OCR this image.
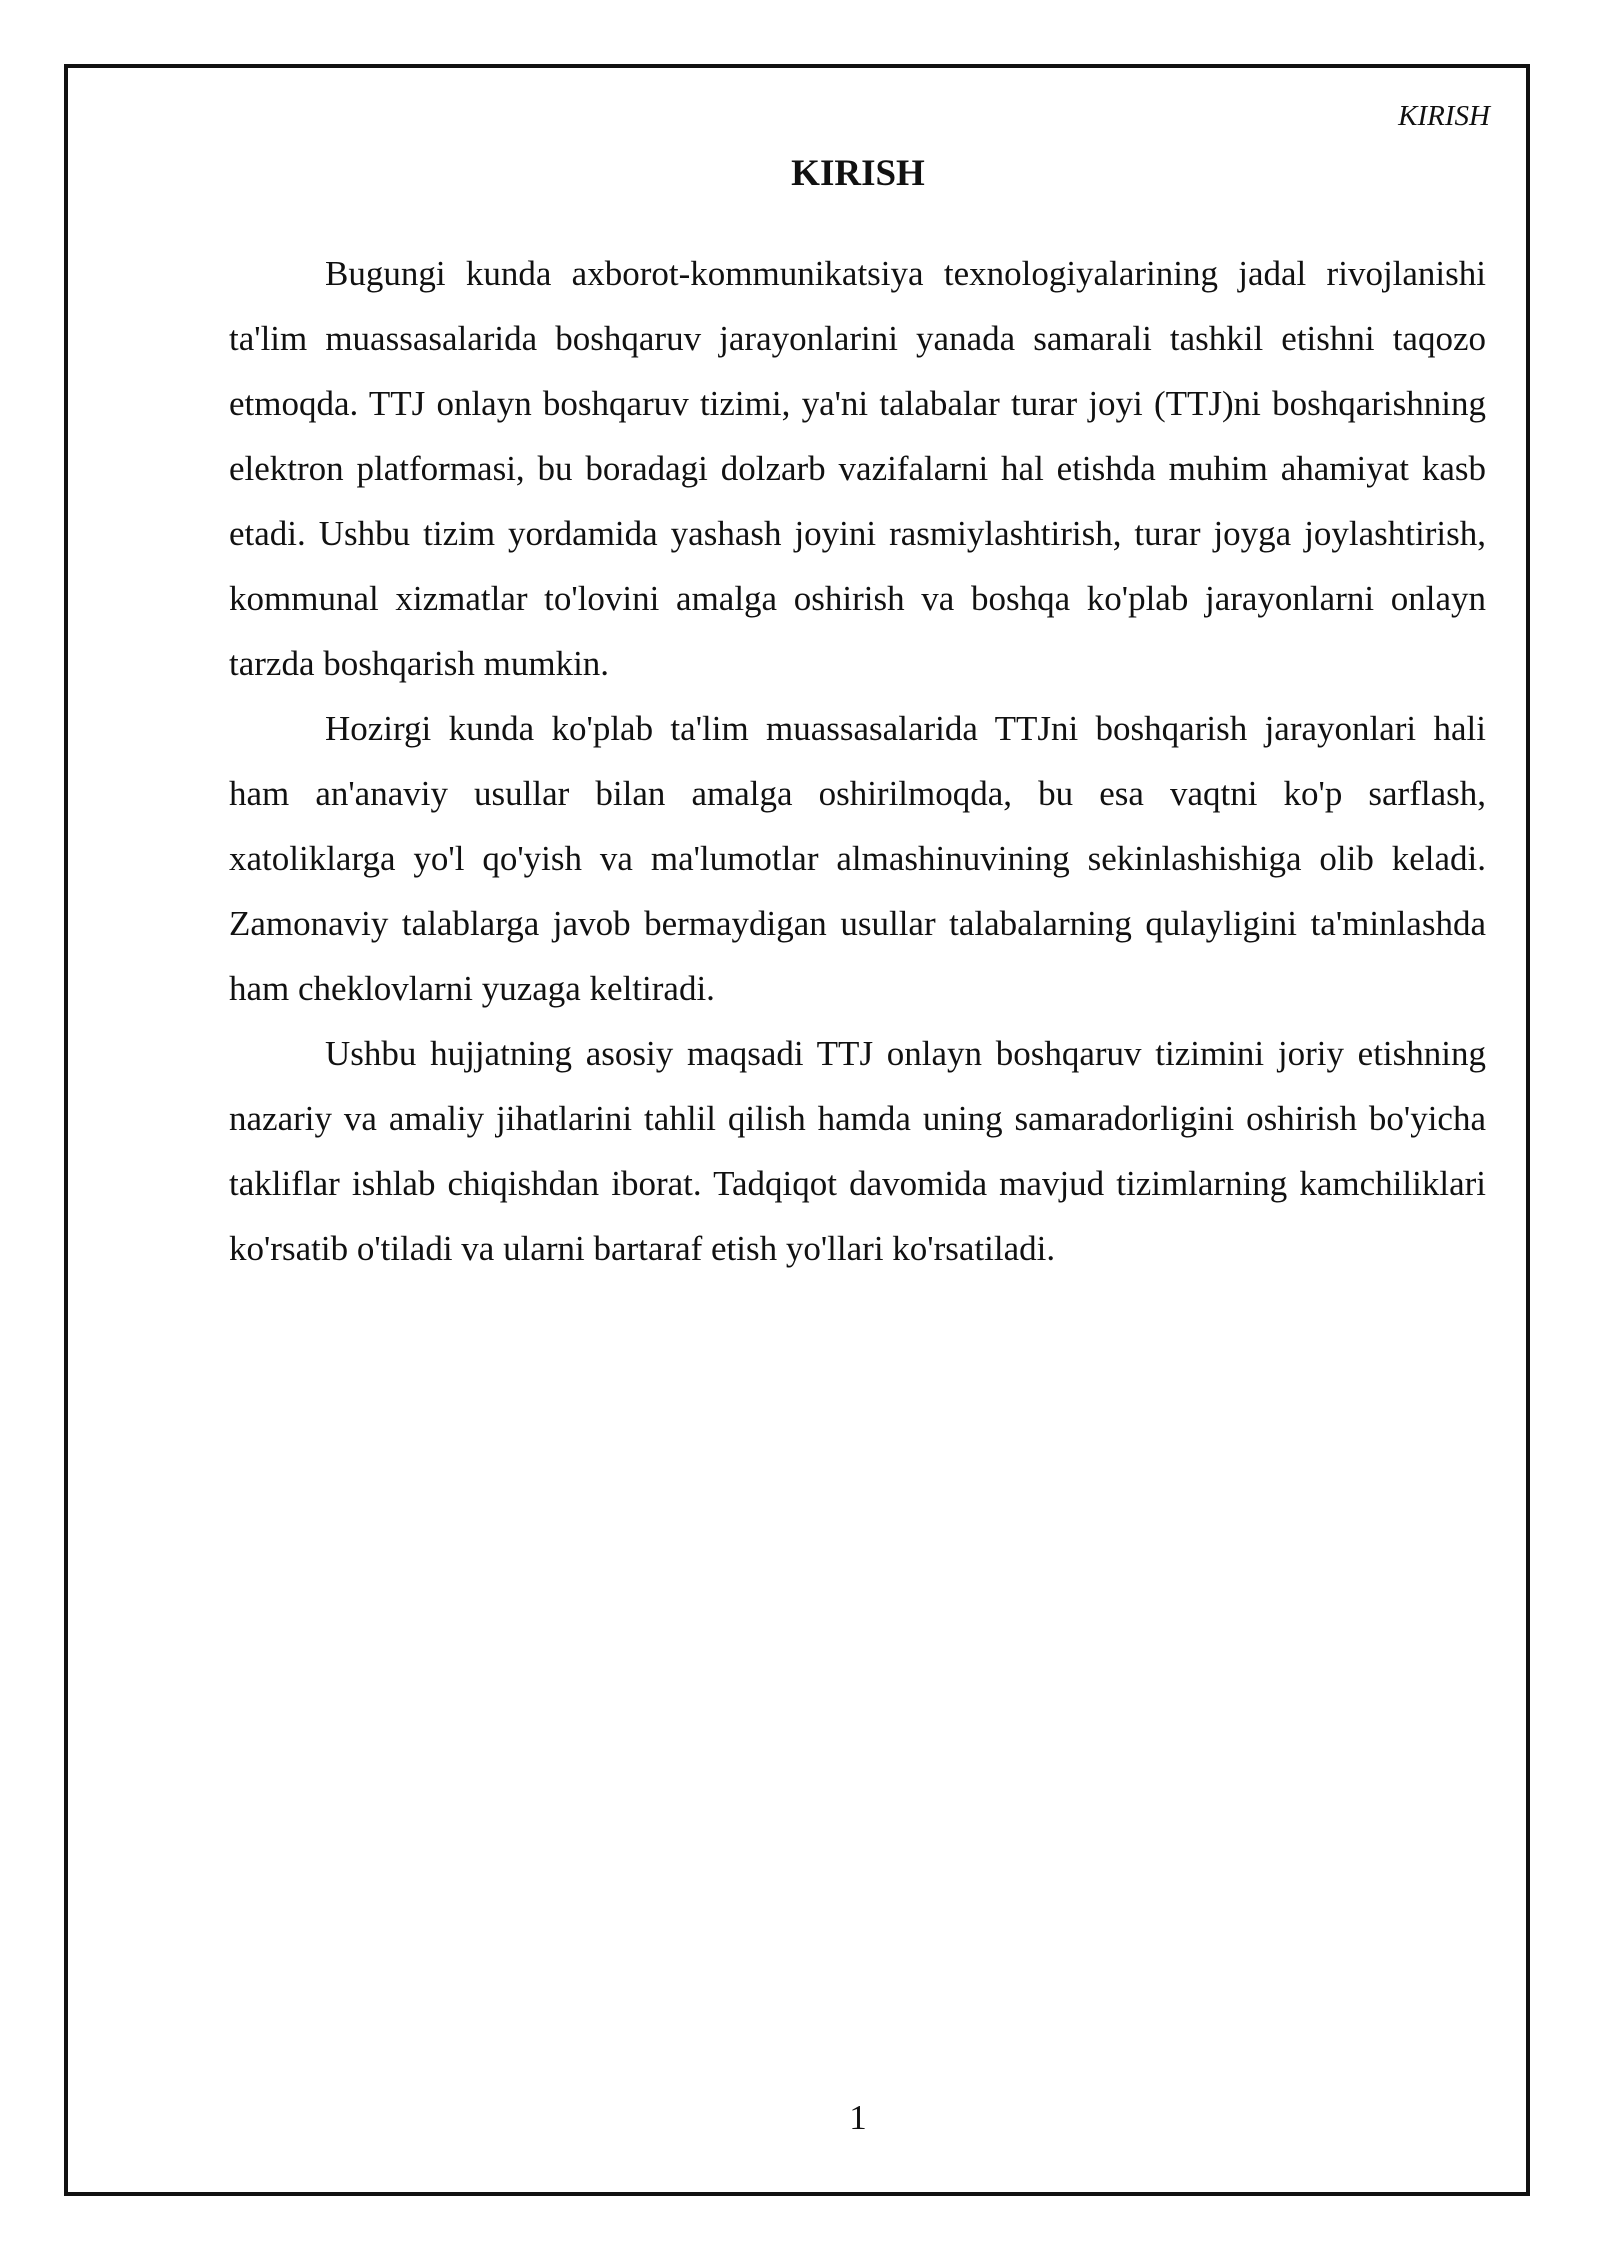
KIRISH
KIRISH

Bugungi kunda axborot-kommunikatsiya texnologiyalarining jadal rivojlanishi ta'lim muassasalarida boshqaruv jarayonlarini yanada samarali tashkil etishni taqozo etmoqda. TTJ onlayn boshqaruv tizimi, ya'ni talabalar turar joyi (TTJ)ni boshqarishning elektron platformasi, bu boradagi dolzarb vazifalarni hal etishda muhim ahamiyat kasb etadi. Ushbu tizim yordamida yashash joyini rasmiylashtirish, turar joyga joylashtirish, kommunal xizmatlar to'lovini amalga oshirish va boshqa ko'plab jarayonlarni onlayn tarzda boshqarish mumkin.

Hozirgi kunda ko'plab ta'lim muassasalarida TTJni boshqarish jarayonlari hali ham an'anaviy usullar bilan amalga oshirilmoqda, bu esa vaqtni ko'p sarflash, xatoliklarga yo'l qo'yish va ma'lumotlar almashinuvining sekinlashishiga olib keladi. Zamonaviy talablarga javob bermaydigan usullar talabalarning qulayligini ta'minlashda ham cheklovlarni yuzaga keltiradi.

Ushbu hujjatning asosiy maqsadi TTJ onlayn boshqaruv tizimini joriy etishning nazariy va amaliy jihatlarini tahlil qilish hamda uning samaradorligini oshirish bo'yicha takliflar ishlab chiqishdan iborat. Tadqiqot davomida mavjud tizimlarning kamchiliklari ko'rsatib o'tiladi va ularni bartaraf etish yo'llari ko'rsatiladi.

1
